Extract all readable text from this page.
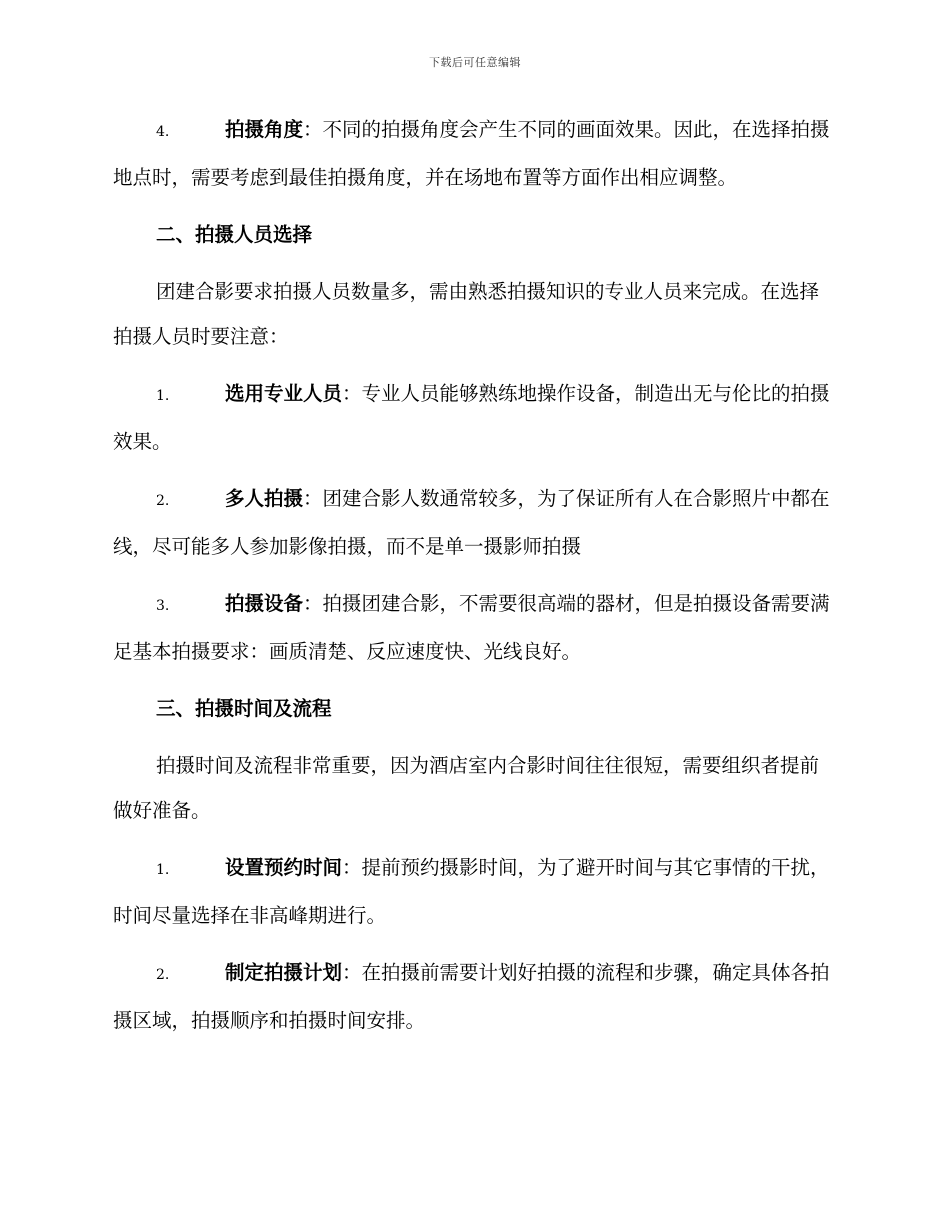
下载后可任意编辑

4.	拍摄角度：不同的拍摄角度会产生不同的画面效果。因此，在选择拍摄地点时，需要考虑到最佳拍摄角度，并在场地布置等方面作出相应调整。

二、拍摄人员选择

团建合影要求拍摄人员数量多，需由熟悉拍摄知识的专业人员来完成。在选择拍摄人员时要注意：

1.	选用专业人员：专业人员能够熟练地操作设备，制造出无与伦比的拍摄效果。

2.	多人拍摄：团建合影人数通常较多，为了保证所有人在合影照片中都在线，尽可能多人参加影像拍摄，而不是单一摄影师拍摄

3.	拍摄设备：拍摄团建合影，不需要很高端的器材，但是拍摄设备需要满足基本拍摄要求：画质清楚、反应速度快、光线良好。

三、拍摄时间及流程

拍摄时间及流程非常重要，因为酒店室内合影时间往往很短，需要组织者提前做好准备。

1.	设置预约时间：提前预约摄影时间，为了避开时间与其它事情的干扰，时间尽量选择在非高峰期进行。

2.	制定拍摄计划：在拍摄前需要计划好拍摄的流程和步骤，确定具体各拍摄区域，拍摄顺序和拍摄时间安排。
